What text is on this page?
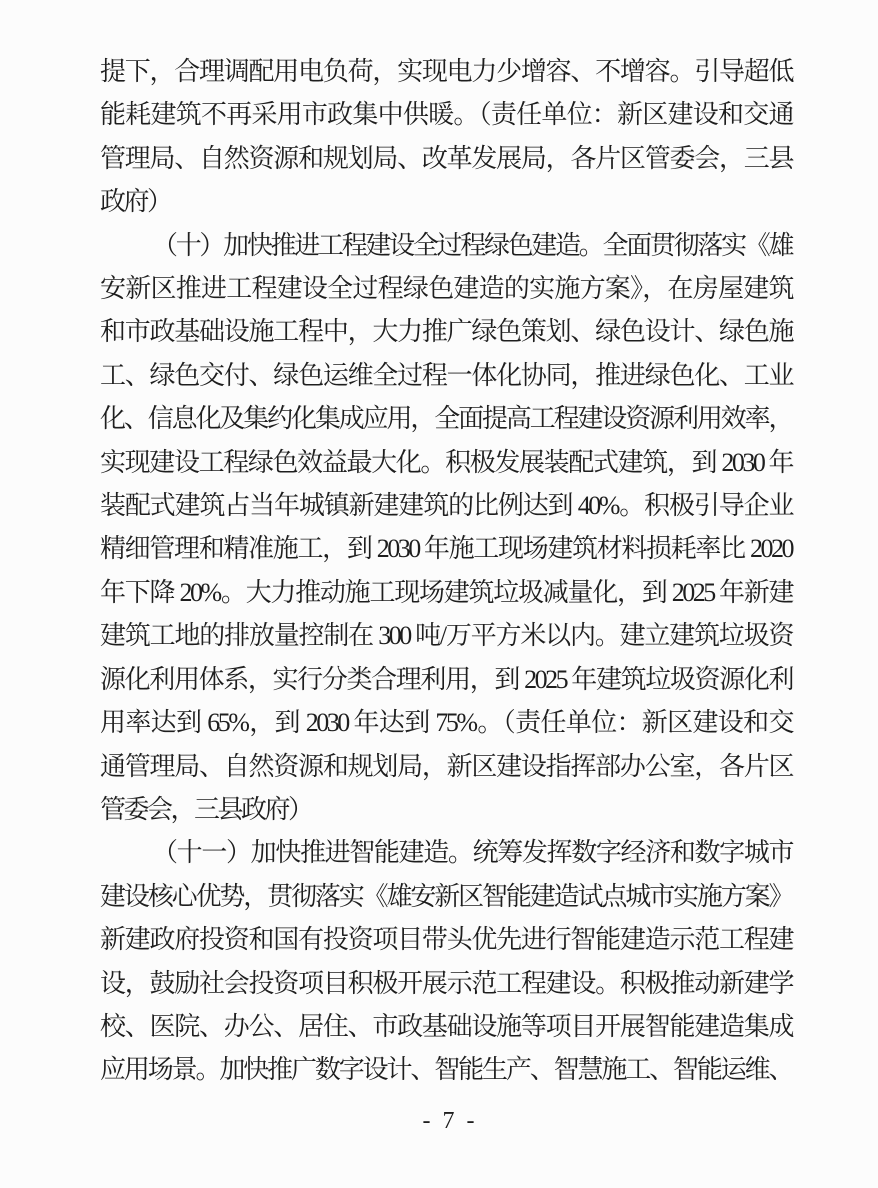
提下，合理调配用电负荷，实现电力少增容、不增容。引导超低
能耗建筑不再采用市政集中供暖。（责任单位：新区建设和交通
管理局、自然资源和规划局、改革发展局，各片区管委会，三县
政府）
（十）加快推进工程建设全过程绿色建造。全面贯彻落实《雄
安新区推进工程建设全过程绿色建造的实施方案》，在房屋建筑
和市政基础设施工程中，大力推广绿色策划、绿色设计、绿色施
工、绿色交付、绿色运维全过程一体化协同，推进绿色化、工业
化、信息化及集约化集成应用，全面提高工程建设资源利用效率，
实现建设工程绿色效益最大化。积极发展装配式建筑，到 2030 年
装配式建筑占当年城镇新建建筑的比例达到 40%。积极引导企业
精细管理和精准施工，到 2030 年施工现场建筑材料损耗率比 2020
年下降 20%。大力推动施工现场建筑垃圾减量化，到 2025 年新建
建筑工地的排放量控制在 300 吨/万平方米以内。建立建筑垃圾资
源化利用体系，实行分类合理利用，到 2025 年建筑垃圾资源化利
用率达到 65%，到 2030 年达到 75%。（责任单位：新区建设和交
通管理局、自然资源和规划局，新区建设指挥部办公室，各片区
管委会，三县政府）
（十一）加快推进智能建造。统筹发挥数字经济和数字城市
建设核心优势，贯彻落实《雄安新区智能建造试点城市实施方案》
新建政府投资和国有投资项目带头优先进行智能建造示范工程建
设，鼓励社会投资项目积极开展示范工程建设。积极推动新建学
校、医院、办公、居住、市政基础设施等项目开展智能建造集成
应用场景。加快推广数字设计、智能生产、智慧施工、智能运维、
- 7 -
